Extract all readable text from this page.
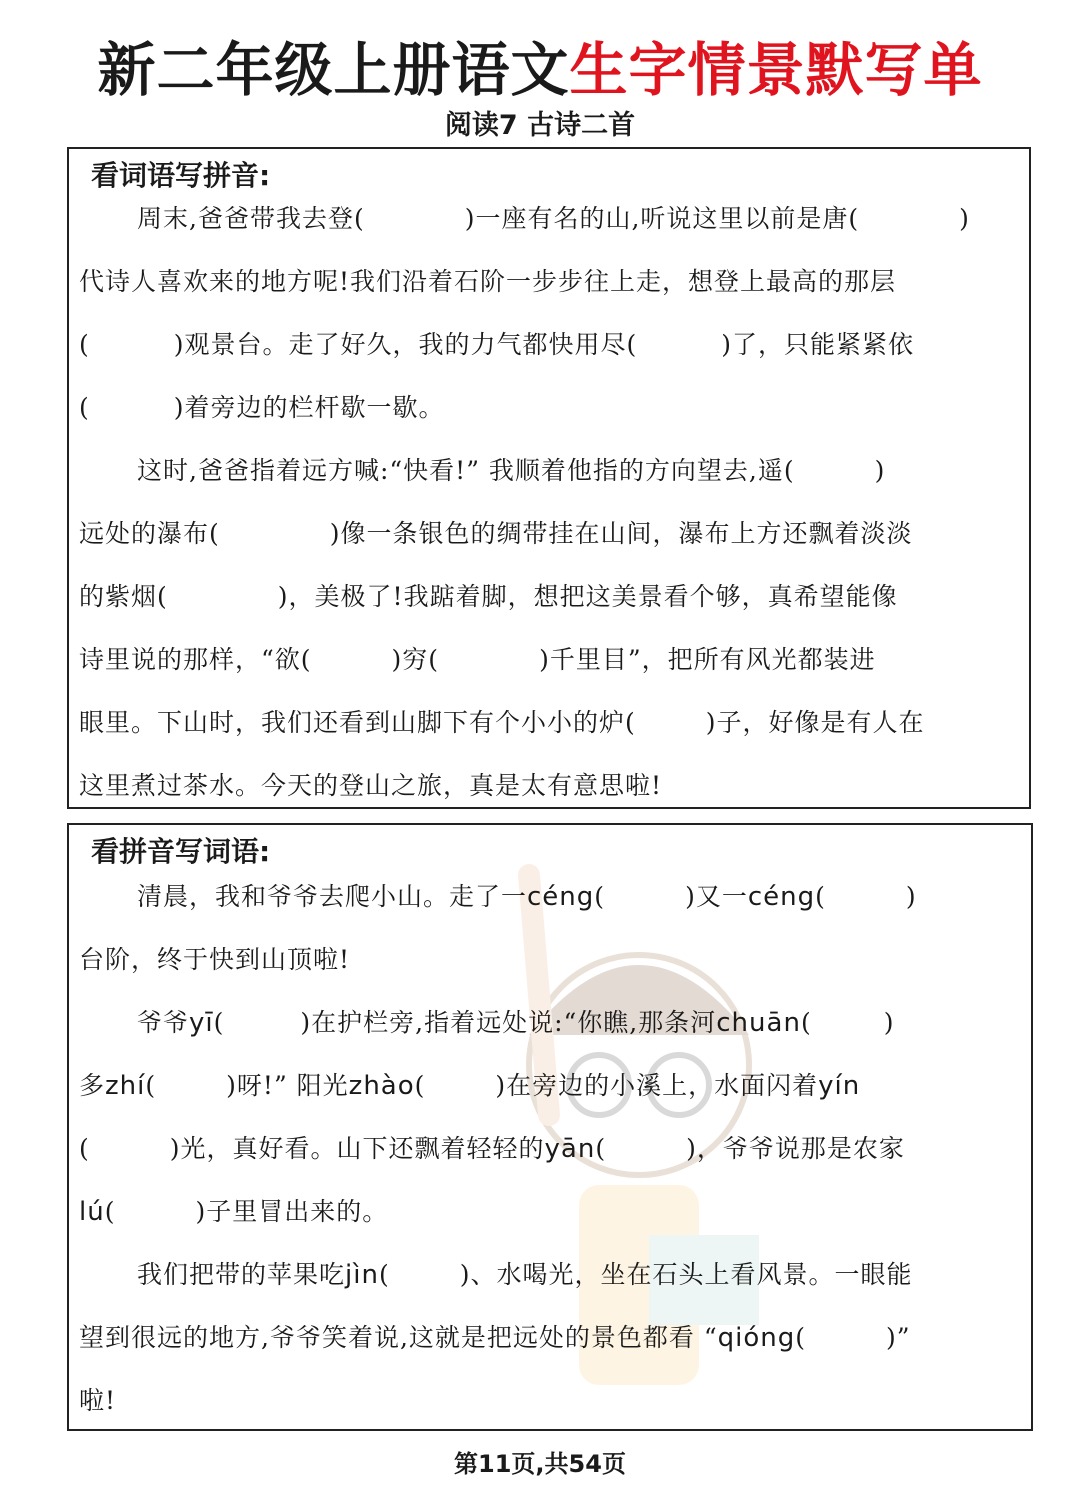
新二年级上册语文生字情景默写单
阅读7 古诗二首
看词语写拼音:
周末,爸爸带我去登(	)一座有名的山,听说这里以前是唐(	)
代诗人喜欢来的地方呢!我们沿着石阶一步步往上走，想登上最高的那层
(	)观景台。走了好久，我的力气都快用尽(	)了，只能紧紧依
(	)着旁边的栏杆歇一歇。
这时,爸爸指着远方喊:“快看!” 我顺着他指的方向望去,遥(	)
远处的瀑布(	)像一条银色的绸带挂在山间，瀑布上方还飘着淡淡
的紫烟(	)，美极了!我踮着脚，想把这美景看个够，真希望能像
诗里说的那样，“欲(	)穷(	)千里目”，把所有风光都装进
眼里。下山时，我们还看到山脚下有个小小的炉(	)子，好像是有人在
这里煮过茶水。今天的登山之旅，真是太有意思啦!
看拼音写词语:
清晨，我和爷爷去爬小山。走了一céng(	)又一céng(	)
台阶，终于快到山顶啦!
爷爷yī(	)在护栏旁,指着远处说:“你瞧,那条河chuān(	)
多zhí(	)呀!” 阳光zhào(	)在旁边的小溪上，水面闪着yín
(	)光，真好看。山下还飘着轻轻的yān(	)，爷爷说那是农家
lú(	)子里冒出来的。
我们把带的苹果吃jìn(	)、水喝光，坐在石头上看风景。一眼能
望到很远的地方,爷爷笑着说,这就是把远处的景色都看 “qióng(	)”
啦!
第11页,共54页
